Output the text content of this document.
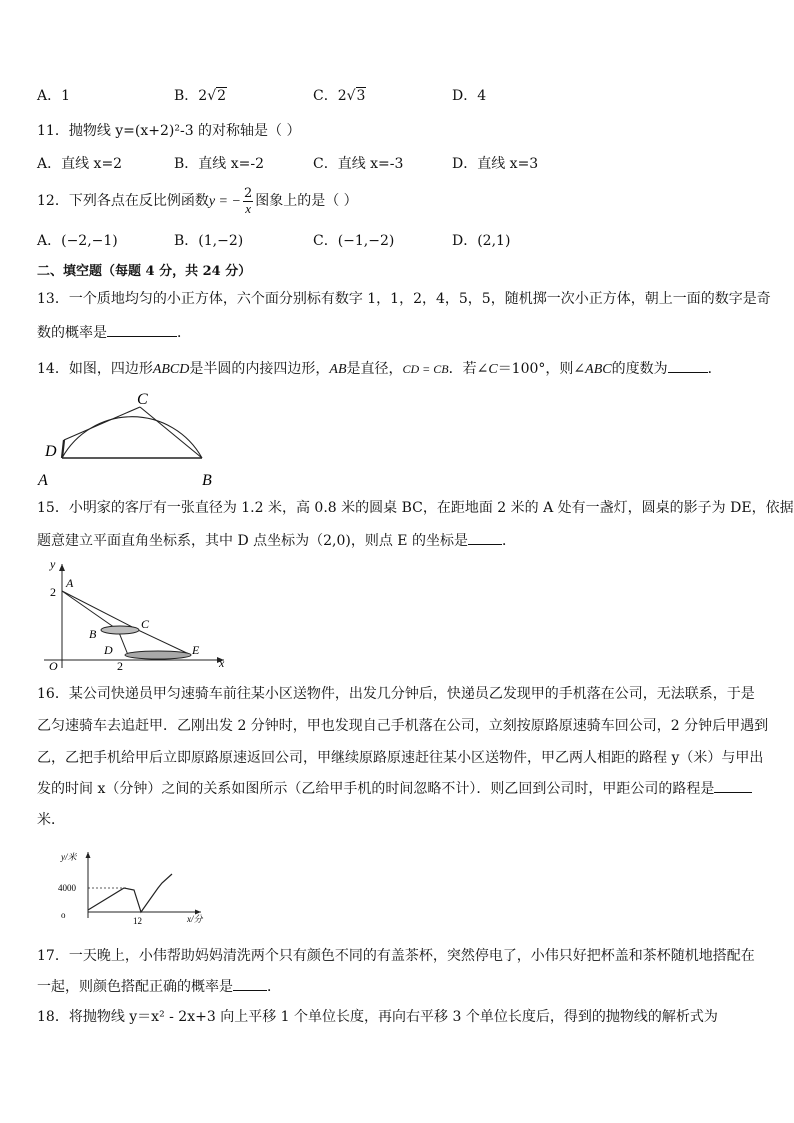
A．1	B．2√2	C．2√3	D．4
11．抛物线 y=(x+2)²-3 的对称轴是（ ）
A．直线 x=2	B．直线 x=-2	C．直线 x=-3	D．直线 x=3
12．下列各点在反比例函数y = − $\frac{2}{x}$ 图象上的是（ ）
A．(−2,−1)	B．(1,−2)	C．(−1,−2)	D．(2,1)
二、填空题（每题 4 分，共 24 分）
13．一个质地均匀的小正方体，六个面分别标有数字 1，1，2，4，5，5，随机掷一次小正方体，朝上一面的数字是奇
数的概率是	．
14．如图，四边形ABCD是半圆的内接四边形，AB是直径，CD = CB．若∠C＝100°，则∠ABC的度数为	．
A	B
C
D
15．小明家的客厅有一张直径为 1.2 米，高 0.8 米的圆桌 BC，在距地面 2 米的 A 处有一盏灯，圆桌的影子为 DE，依据
题意建立平面直角坐标系，其中 D 点坐标为（2,0)，则点 E 的坐标是 ．
y
x
O
2
2
A
B
C
D	E
16．某公司快递员甲匀速骑车前往某小区送物件，出发几分钟后，快递员乙发现甲的手机落在公司，无法联系，于是
乙匀速骑车去追赶甲．乙刚出发 2 分钟时，甲也发现自己手机落在公司，立刻按原路原速骑车回公司，2 分钟后甲遇到
乙，乙把手机给甲后立即原路原速返回公司，甲继续原路原速赶往某小区送物件，甲乙两人相距的路程 y（米）与甲出
发的时间 x（分钟）之间的关系如图所示（乙给甲手机的时间忽略不计）．则乙回到公司时，甲距公司的路程是
米．
y/米
x/分
4000
12
o
17．一天晚上，小伟帮助妈妈清洗两个只有颜色不同的有盖茶杯，突然停电了，小伟只好把杯盖和茶杯随机地搭配在
一起，则颜色搭配正确的概率是 ．
18．将抛物线 y＝x² - 2x+3 向上平移 1 个单位长度，再向右平移 3 个单位长度后，得到的抛物线的解析式为
